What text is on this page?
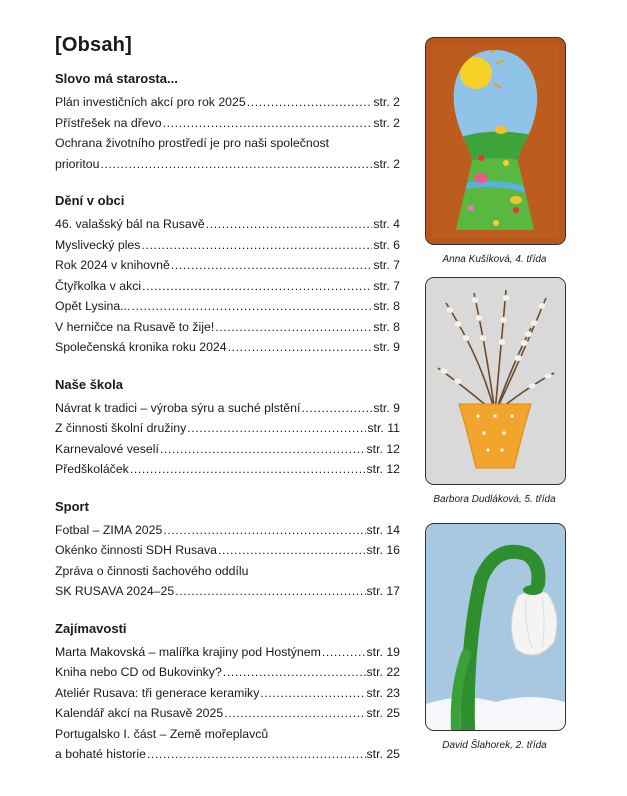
[Obsah]
Slovo má starosta...
Plán investičních akcí pro rok 2025 .....	str. 2
Přístřešek na dřevo .....	str. 2
Ochrana životního prostředí je pro naši společnost
prioritou .....	str. 2
Dění v obci
46. valašský bál na Rusavě .....	str. 4
Myslivecký ples .....	str. 6
Rok 2024 v knihovně .....	str. 7
Čtyřkolka v akci .....	str. 7
Opět Lysina... .....	str. 8
V herničce na Rusavě to žije! .....	str. 8
Společenská kronika roku 2024 .....	str. 9
Naše škola
Návrat k tradici – výroba sýru a suché plstění .....	str. 9
Z činnosti školní družiny .....	str. 11
Karnevalové veselí .....	str. 12
Předškoláček .....	str. 12
Sport
Fotbal – ZIMA 2025 .....	str. 14
Okénko činnosti SDH Rusava .....	str. 16
Zpráva o činnosti šachového oddílu
SK RUSAVA 2024–25 .....	str. 17
Zajímavosti
Marta Makovská – malířka krajiny pod Hostýnem .....	str. 19
Kniha nebo CD od Bukovinky? .....	str. 22
Ateliér Rusava: tři generace keramiky .....	str. 23
Kalendář akcí na Rusavě 2025 .....	str. 25
Portugalsko I. část – Země mořeplavců
a bohaté historie .....	str. 25
Anna Kušíková, 4. třída
Barbora Dudláková, 5. třída
David Šlahorek, 2. třída
